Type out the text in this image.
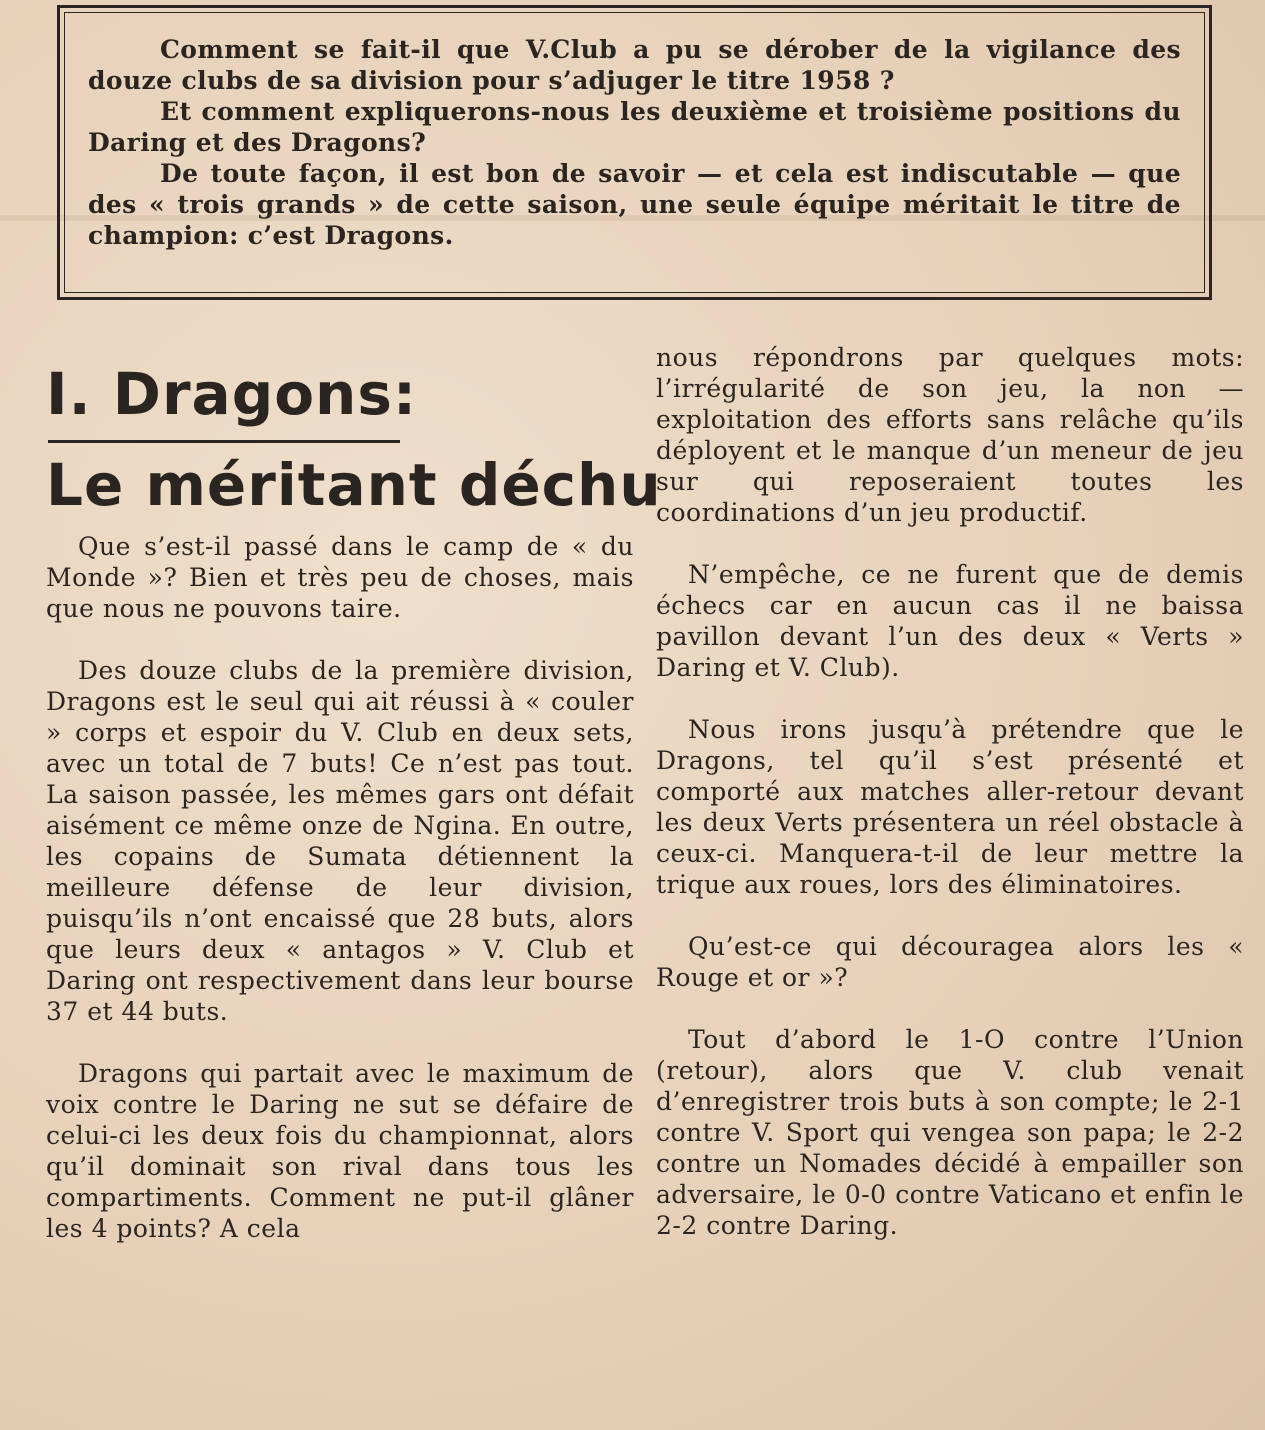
Comment se fait-il que V.Club a pu se dérober de la vigilance des douze clubs de sa division pour s’adjuger le titre 1958 ?

Et comment expliquerons-nous les deuxième et troisième positions du Daring et des Dragons?

De toute façon, il est bon de savoir — et cela est indiscutable — que des « trois grands » de cette saison, une seule équipe méritait le titre de champion: c’est Dragons.

I. Dragons:
Le méritant déchu

Que s’est-il passé dans le camp de « du Monde »? Bien et très peu de choses, mais que nous ne pouvons taire.

Des douze clubs de la première division, Dragons est le seul qui ait réussi à « couler » corps et espoir du V. Club en deux sets, avec un total de 7 buts! Ce n’est pas tout. La saison passée, les mêmes gars ont défait aisément ce même onze de Ngina. En outre, les copains de Sumata détiennent la meilleure défense de leur division, puisqu’ils n’ont encaissé que 28 buts, alors que leurs deux « antagos » V. Club et Daring ont respectivement dans leur bourse 37 et 44 buts.

Dragons qui partait avec le maximum de voix contre le Daring ne sut se défaire de celui-ci les deux fois du championnat, alors qu’il dominait son rival dans tous les compartiments. Comment ne put-il glâner les 4 points? A cela

nous répondrons par quelques mots: l’irrégularité de son jeu, la non — exploitation des efforts sans relâche qu’ils déployent et le manque d’un meneur de jeu sur qui reposeraient toutes les coordinations d’un jeu productif.

N’empêche, ce ne furent que de demis échecs car en aucun cas il ne baissa pavillon devant l’un des deux « Verts » Daring et V. Club).

Nous irons jusqu’à prétendre que le Dragons, tel qu’il s’est présenté et comporté aux matches aller-retour devant les deux Verts présentera un réel obstacle à ceux-ci. Manquera-t-il de leur mettre la trique aux roues, lors des éliminatoires.

Qu’est-ce qui découragea alors les « Rouge et or »?

Tout d’abord le 1-O contre l’Union (retour), alors que V. club venait d’enregistrer trois buts à son compte; le 2-1 contre V. Sport qui vengea son papa; le 2-2 contre un Nomades décidé à empailler son adversaire, le 0-0 contre Vaticano et enfin le 2-2 contre Daring.
